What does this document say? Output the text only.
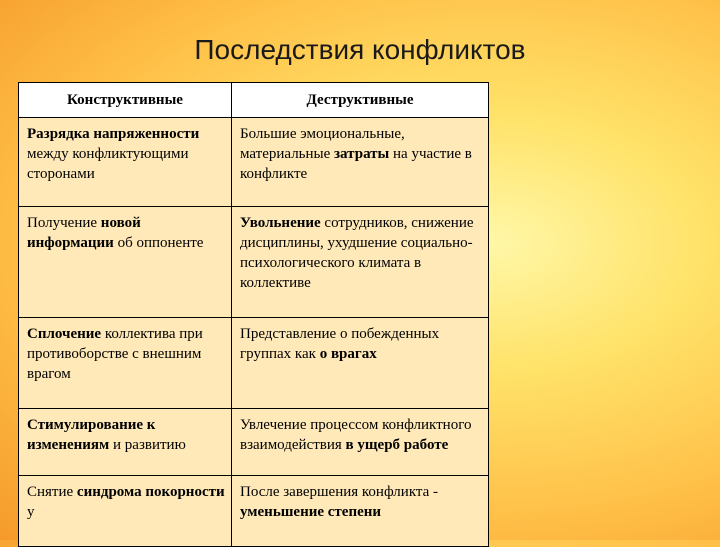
Последствия конфликтов
Конструктивные	Деструктивные
Разрядка напряженности между конфликтующими сторонами	Большие эмоциональные, материальные затраты на участие в конфликте
Получение новой информации об оппоненте	Увольнение сотрудников, снижение дисциплины, ухудшение социально-психологического климата в коллективе
Сплочение коллектива при противоборстве с внешним врагом	Представление о побежденных группах как о врагах
Стимулирование к изменениям и развитию	Увлечение процессом конфликтного взаимодействия в ущерб работе
Снятие синдрома покорности у	После завершения конфликта - уменьшение степени
